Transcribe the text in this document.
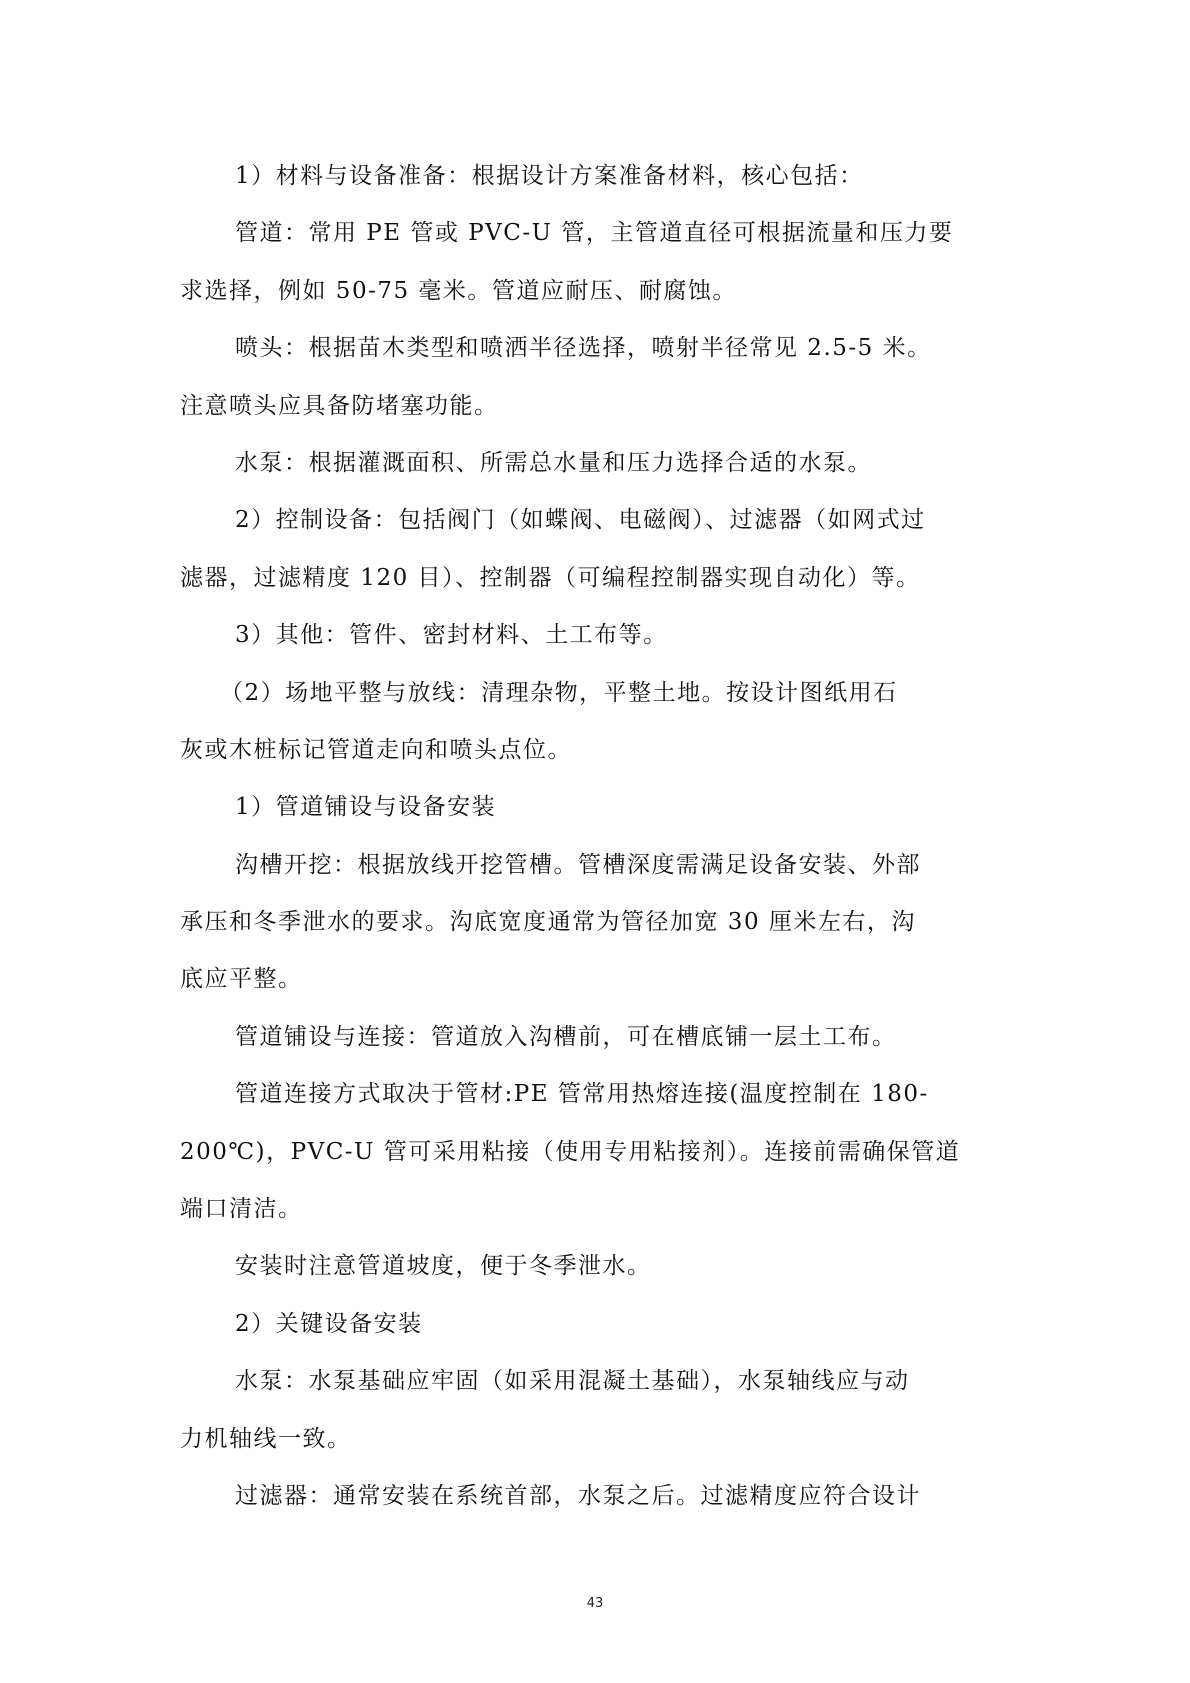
1）材料与设备准备：根据设计方案准备材料，核心包括：
管道：常用 PE 管或 PVC-U 管，主管道直径可根据流量和压力要
求选择，例如 50-75 毫米。管道应耐压、耐腐蚀。
喷头：根据苗木类型和喷洒半径选择，喷射半径常见 2.5-5 米。
注意喷头应具备防堵塞功能。
水泵：根据灌溉面积、所需总水量和压力选择合适的水泵。
2）控制设备：包括阀门（如蝶阀、电磁阀）、过滤器（如网式过
滤器，过滤精度 120 目）、控制器（可编程控制器实现自动化）等。
3）其他：管件、密封材料、土工布等。
（2）场地平整与放线：清理杂物，平整土地。按设计图纸用石
灰或木桩标记管道走向和喷头点位。
1）管道铺设与设备安装
沟槽开挖：根据放线开挖管槽。管槽深度需满足设备安装、外部
承压和冬季泄水的要求。沟底宽度通常为管径加宽 30 厘米左右，沟
底应平整。
管道铺设与连接：管道放入沟槽前，可在槽底铺一层土工布。
管道连接方式取决于管材:PE 管常用热熔连接(温度控制在 180-
200℃)，PVC-U 管可采用粘接（使用专用粘接剂）。连接前需确保管道
端口清洁。
安装时注意管道坡度，便于冬季泄水。
2）关键设备安装
水泵：水泵基础应牢固（如采用混凝土基础），水泵轴线应与动
力机轴线一致。
过滤器：通常安装在系统首部，水泵之后。过滤精度应符合设计
43
